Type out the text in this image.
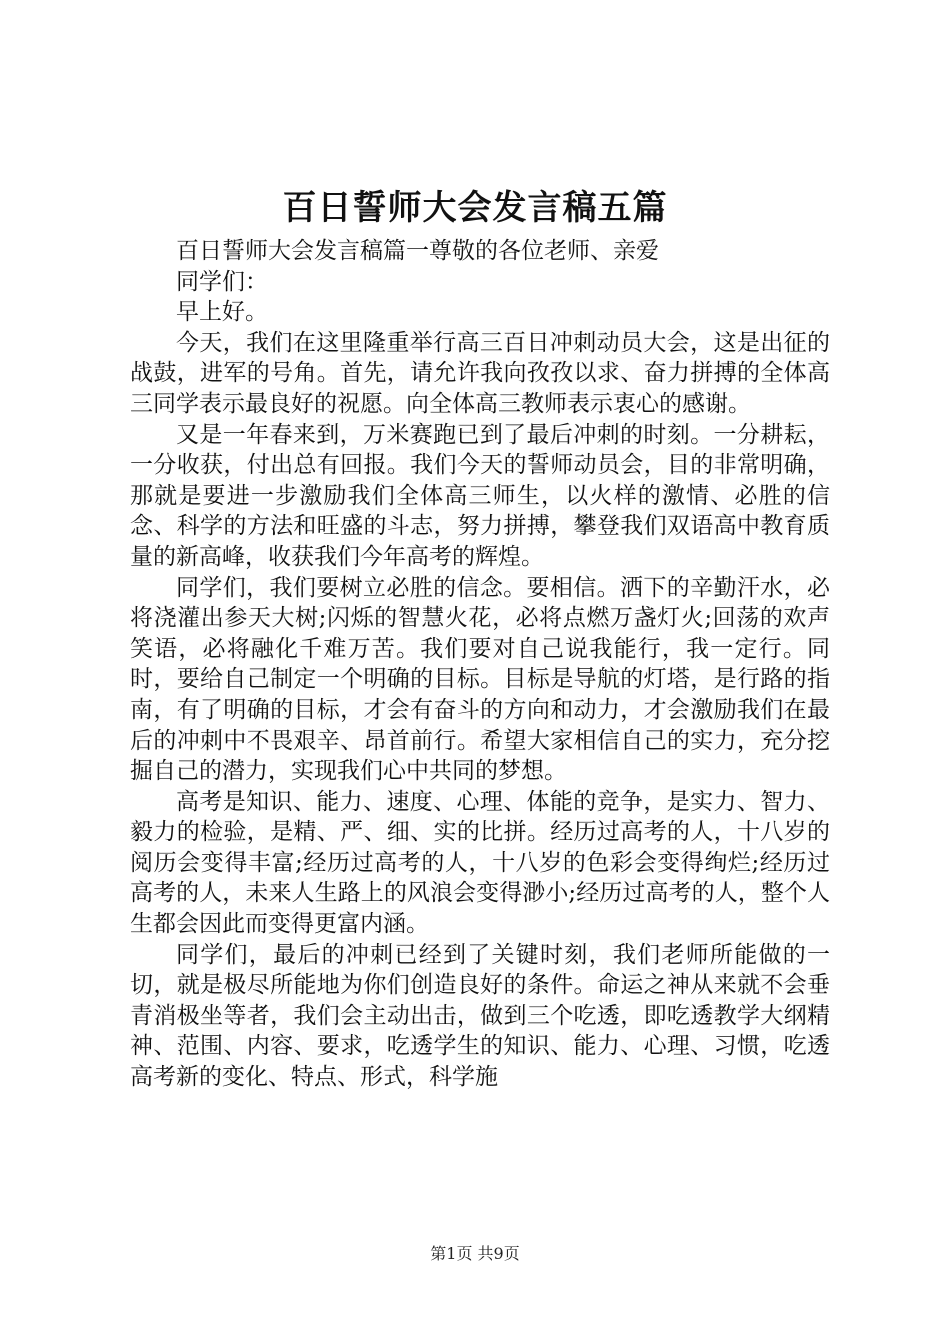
百日誓师大会发言稿五篇

百日誓师大会发言稿篇一尊敬的各位老师、亲爱

同学们：

早上好。

今天，我们在这里隆重举行高三百日冲刺动员大会，这是出征的战鼓，进军的号角。首先，请允许我向孜孜以求、奋力拼搏的全体高三同学表示最良好的祝愿。向全体高三教师表示衷心的感谢。

又是一年春来到，万米赛跑已到了最后冲刺的时刻。一分耕耘，一分收获，付出总有回报。我们今天的誓师动员会，目的非常明确，那就是要进一步激励我们全体高三师生，以火样的激情、必胜的信念、科学的方法和旺盛的斗志，努力拼搏，攀登我们双语高中教育质量的新高峰，收获我们今年高考的辉煌。

同学们，我们要树立必胜的信念。要相信。洒下的辛勤汗水，必将浇灌出参天大树;闪烁的智慧火花，必将点燃万盏灯火;回荡的欢声笑语，必将融化千难万苦。我们要对自己说我能行，我一定行。同时，要给自己制定一个明确的目标。目标是导航的灯塔，是行路的指南，有了明确的目标，才会有奋斗的方向和动力，才会激励我们在最后的冲刺中不畏艰辛、昂首前行。希望大家相信自己的实力，充分挖掘自己的潜力，实现我们心中共同的梦想。

高考是知识、能力、速度、心理、体能的竞争，是实力、智力、毅力的检验，是精、严、细、实的比拼。经历过高考的人，十八岁的阅历会变得丰富;经历过高考的人，十八岁的色彩会变得绚烂;经历过高考的人，未来人生路上的风浪会变得渺小;经历过高考的人，整个人生都会因此而变得更富内涵。

同学们，最后的冲刺已经到了关键时刻，我们老师所能做的一切，就是极尽所能地为你们创造良好的条件。命运之神从来就不会垂青消极坐等者，我们会主动出击，做到三个吃透，即吃透教学大纲精神、范围、内容、要求，吃透学生的知识、能力、心理、习惯，吃透高考新的变化、特点、形式，科学施

第1页 共9页
